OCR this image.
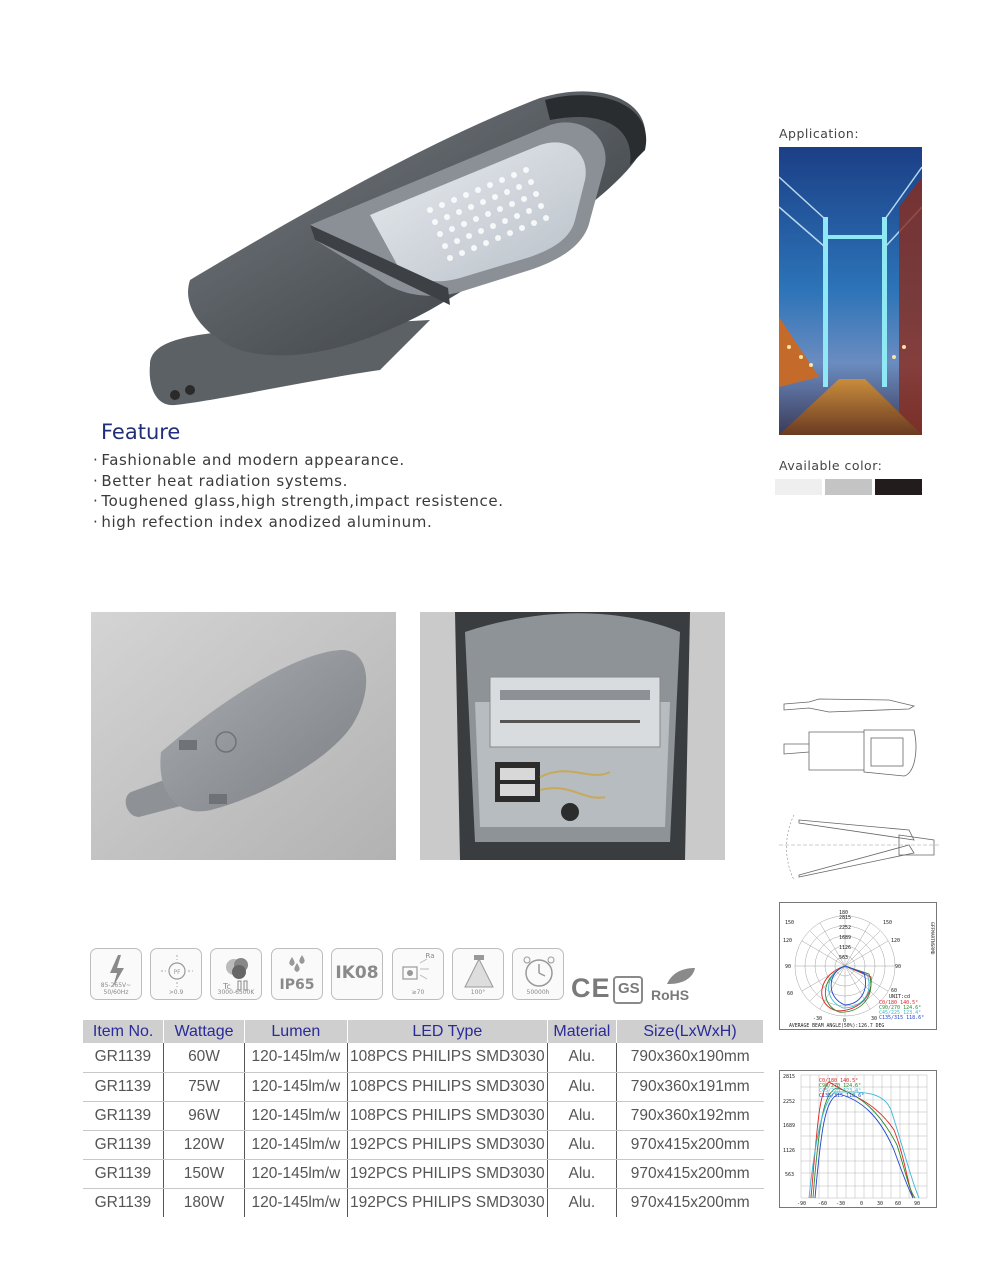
Feature
· Fashionable and modern appearance.
· Better heat radiation systems.
· Toughened glass,high strength,impact resistence.
· high refection index anodized aluminum.
Application:
Available color:
150
180
150
120	120
90	90
60	60
-30	0	30
2815
2252
1689
1126
563
UNIT:cd
C0/180 140.5°
C90/270 124.6°
C45/225 123.4°
C135/315 118.6°
AVERAGE BEAM ANGLE(50%):126.7 DEG
GFFMARTNSRMD
2815
2252
1689
1126
563
-90 -60 -30	0	30 60	90
C0/180 140.5°
C90/270 124.6°
C45/225 123.4°
C135/315 118.6°
85-265V~ 50/60Hz
PF
>0.9
Tc
3000-6500K	IP65
IK08
Ra
≥70	100°	50000h CE GS RoHS
Item No.	Wattage	Lumen	LED Type	Material	Size(LxWxH)
GR1139	60W	120-145lm/w	108PCS PHILIPS SMD3030	Alu.	790x360x190mm
GR1139	75W	120-145lm/w	108PCS PHILIPS SMD3030	Alu.	790x360x191mm
GR1139	96W	120-145lm/w	108PCS PHILIPS SMD3030	Alu.	790x360x192mm
GR1139	120W	120-145lm/w	192PCS PHILIPS SMD3030	Alu.	970x415x200mm
GR1139	150W	120-145lm/w	192PCS PHILIPS SMD3030	Alu.	970x415x200mm
GR1139	180W	120-145lm/w	192PCS PHILIPS SMD3030	Alu.	970x415x200mm
